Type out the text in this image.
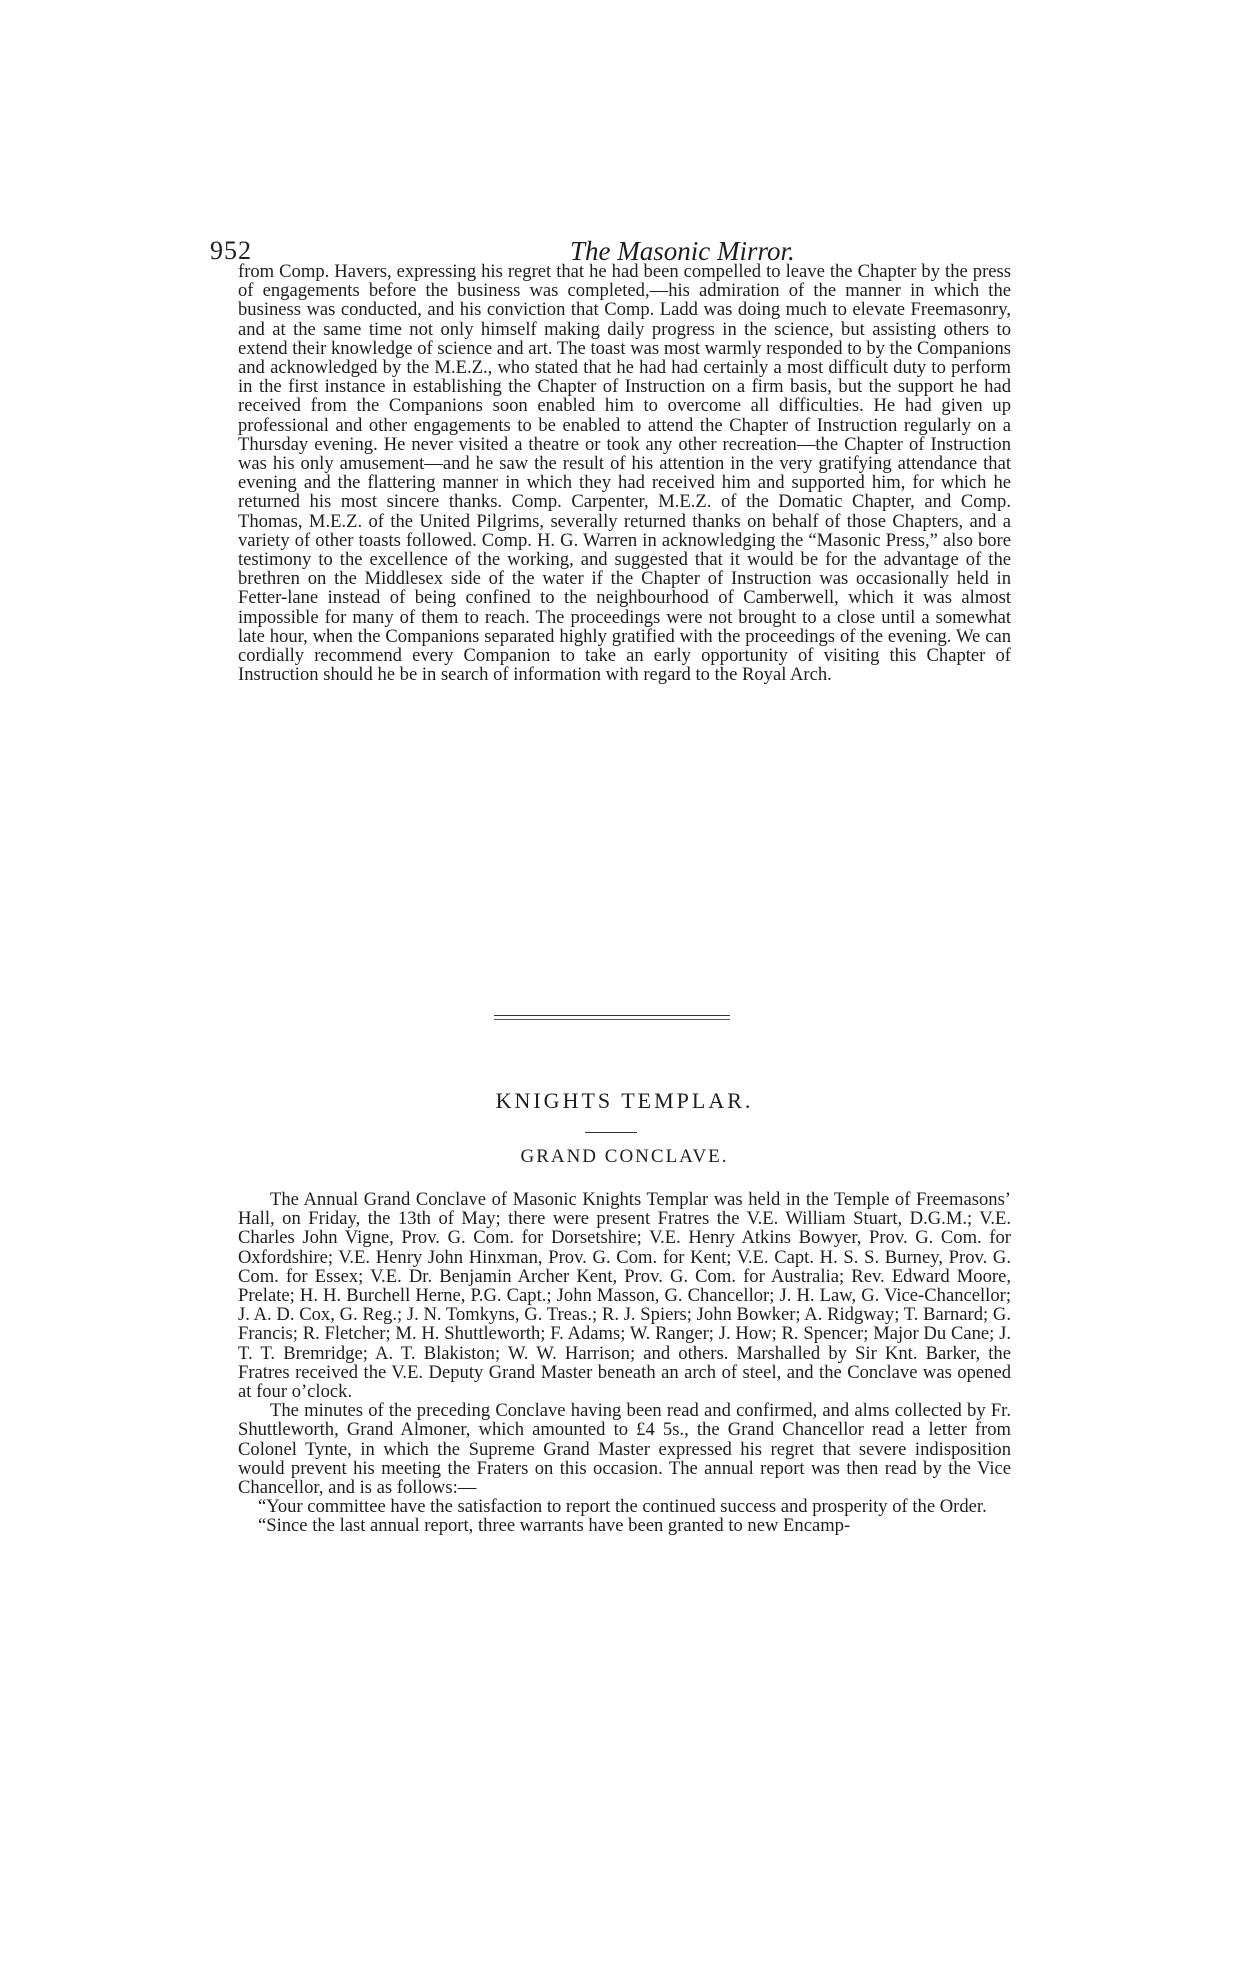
952	The Masonic Mirror.

from Comp. Havers, expressing his regret that he had been compelled to leave the Chapter by the press of engagements before the business was completed,—his admiration of the manner in which the business was conducted, and his conviction that Comp. Ladd was doing much to elevate Freemasonry, and at the same time not only himself making daily progress in the science, but assisting others to extend their knowledge of science and art. The toast was most warmly responded to by the Companions and acknowledged by the M.E.Z., who stated that he had had certainly a most difficult duty to perform in the first instance in establishing the Chapter of Instruction on a firm basis, but the support he had received from the Companions soon enabled him to overcome all difficulties. He had given up professional and other engagements to be enabled to attend the Chapter of Instruction regularly on a Thursday evening. He never visited a theatre or took any other recreation—the Chapter of Instruction was his only amusement—and he saw the result of his attention in the very gratifying attendance that evening and the flattering manner in which they had received him and supported him, for which he returned his most sincere thanks. Comp. Carpenter, M.E.Z. of the Domatic Chapter, and Comp. Thomas, M.E.Z. of the United Pilgrims, severally returned thanks on behalf of those Chapters, and a variety of other toasts followed. Comp. H. G. Warren in acknowledging the “Masonic Press,” also bore testimony to the excellence of the working, and suggested that it would be for the advantage of the brethren on the Middlesex side of the water if the Chapter of Instruction was occasionally held in Fetter-lane instead of being confined to the neighbourhood of Camberwell, which it was almost impossible for many of them to reach. The proceedings were not brought to a close until a somewhat late hour, when the Companions separated highly gratified with the proceedings of the evening. We can cordially recommend every Companion to take an early opportunity of visiting this Chapter of Instruction should he be in search of information with regard to the Royal Arch.

KNIGHTS TEMPLAR.
GRAND CONCLAVE.

The Annual Grand Conclave of Masonic Knights Templar was held in the Temple of Freemasons’ Hall, on Friday, the 13th of May; there were present Fratres the V.E. William Stuart, D.G.M.; V.E. Charles John Vigne, Prov. G. Com. for Dorsetshire; V.E. Henry Atkins Bowyer, Prov. G. Com. for Oxfordshire; V.E. Henry John Hinxman, Prov. G. Com. for Kent; V.E. Capt. H. S. S. Burney, Prov. G. Com. for Essex; V.E. Dr. Benjamin Archer Kent, Prov. G. Com. for Australia; Rev. Edward Moore, Prelate; H. H. Burchell Herne, P.G. Capt.; John Masson, G. Chancellor; J. H. Law, G. Vice-Chancellor; J. A. D. Cox, G. Reg.; J. N. Tomkyns, G. Treas.; R. J. Spiers; John Bowker; A. Ridgway; T. Barnard; G. Francis; R. Fletcher; M. H. Shuttleworth; F. Adams; W. Ranger; J. How; R. Spencer; Major Du Cane; J. T. T. Bremridge; A. T. Blakiston; W. W. Harrison; and others. Marshalled by Sir Knt. Barker, the Fratres received the V.E. Deputy Grand Master beneath an arch of steel, and the Conclave was opened at four o’clock.

The minutes of the preceding Conclave having been read and confirmed, and alms collected by Fr. Shuttleworth, Grand Almoner, which amounted to £4 5s., the Grand Chancellor read a letter from Colonel Tynte, in which the Supreme Grand Master expressed his regret that severe indisposition would prevent his meeting the Fraters on this occasion. The annual report was then read by the Vice Chancellor, and is as follows:—

“Your committee have the satisfaction to report the continued success and prosperity of the Order.

“Since the last annual report, three warrants have been granted to new Encamp-
